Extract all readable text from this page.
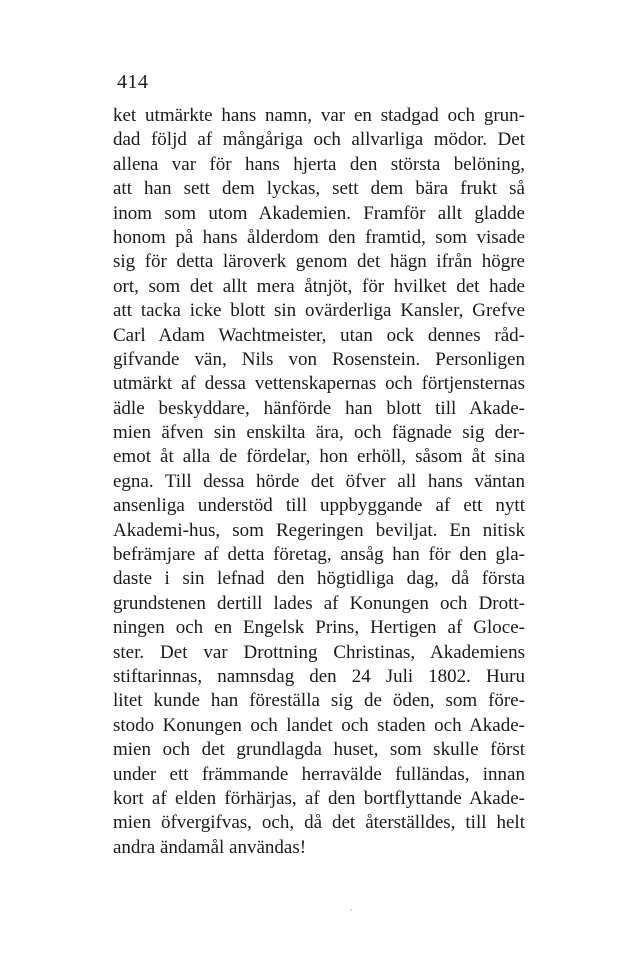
414
ket utmärkte hans namn, var en stadgad och grun-
dad följd af mångåriga och allvarliga mödor. Det
allena var för hans hjerta den största belöning,
att han sett dem lyckas, sett dem bära frukt så
inom som utom Akademien. Framför allt gladde
honom på hans ålderdom den framtid, som visade
sig för detta läroverk genom det hägn ifrån högre
ort, som det allt mera åtnjöt, för hvilket det hade
att tacka icke blott sin ovärderliga Kansler, Grefve
Carl Adam Wachtmeister, utan ock dennes råd-
gifvande vän, Nils von Rosenstein. Personligen
utmärkt af dessa vettenskapernas och förtjensternas
ädle beskyddare, hänförde han blott till Akade-
mien äfven sin enskilta ära, och fägnade sig der-
emot åt alla de fördelar, hon erhöll, såsom åt sina
egna. Till dessa hörde det öfver all hans väntan
ansenliga understöd till uppbyggande af ett nytt
Akademi-hus, som Regeringen beviljat. En nitisk
befrämjare af detta företag, ansåg han för den gla-
daste i sin lefnad den högtidliga dag, då första
grundstenen dertill lades af Konungen och Drott-
ningen och en Engelsk Prins, Hertigen af Glоce-
ster. Det var Drottning Christinas, Akademiens
stiftarinnas, namnsdag den 24 Juli 1802. Huru
litet kunde han föreställa sig de öden, som före-
stodo Konungen och landet och staden och Akade-
mien och det grundlagda huset, som skulle först
under ett främmande herravälde fulländas, innan
kort af elden förhärjas, af den bortflyttande Akade-
mien öfvergifvas, och, då det återställdes, till helt
andra ändamål användas!
